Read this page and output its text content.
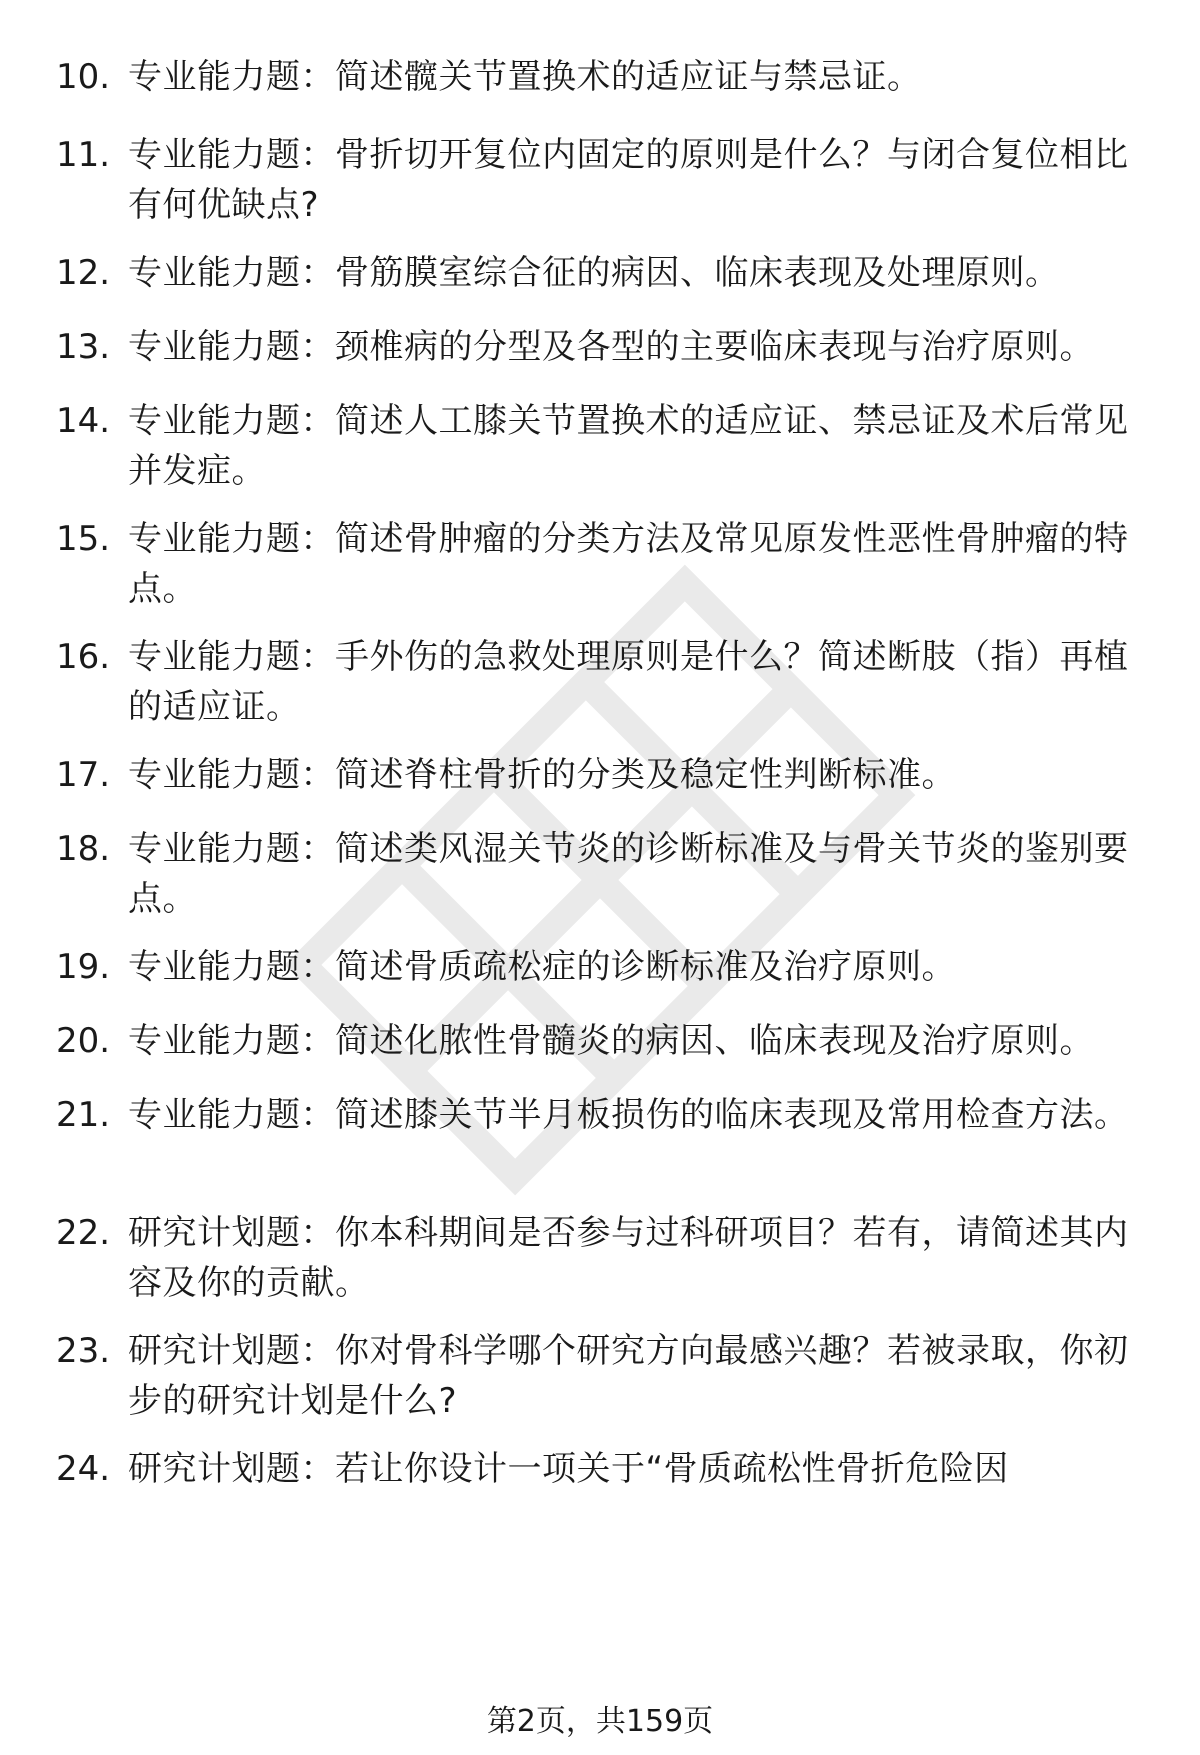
10. 专业能力题：简述髋关节置换术的适应证与禁忌证。
11. 专业能力题：骨折切开复位内固定的原则是什么？与闭合复位相比有何优缺点?
12. 专业能力题：骨筋膜室综合征的病因、临床表现及处理原则。
13. 专业能力题：颈椎病的分型及各型的主要临床表现与治疗原则。
14. 专业能力题：简述人工膝关节置换术的适应证、禁忌证及术后常见并发症。
15. 专业能力题：简述骨肿瘤的分类方法及常见原发性恶性骨肿瘤的特点。
16. 专业能力题：手外伤的急救处理原则是什么？简述断肢（指）再植的适应证。
17. 专业能力题：简述脊柱骨折的分类及稳定性判断标准。
18. 专业能力题：简述类风湿关节炎的诊断标准及与骨关节炎的鉴别要点。
19. 专业能力题：简述骨质疏松症的诊断标准及治疗原则。
20. 专业能力题：简述化脓性骨髓炎的病因、临床表现及治疗原则。
21. 专业能力题：简述膝关节半月板损伤的临床表现及常用检查方法。
22. 研究计划题：你本科期间是否参与过科研项目？若有，请简述其内容及你的贡献。
23. 研究计划题：你对骨科学哪个研究方向最感兴趣？若被录取，你初步的研究计划是什么?
24. 研究计划题：若让你设计一项关于“骨质疏松性骨折危险因
第2页，共159页
